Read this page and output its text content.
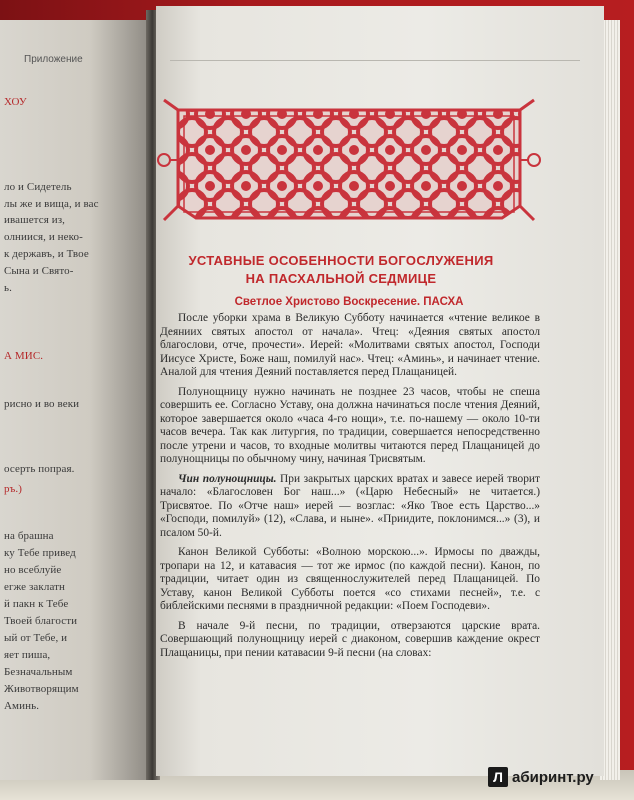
Приложение
ХОУ
ло и Сидетель
лы же и вища, и вас
ивашется из,
олниися, и неко-
к державъ, и Твое
Сына и Свято-
ь.
А МИС.
рисно и во веки
осерть попрая.
ръ.)
на брашна
ку Тебе привед
но всеблуйе
егже заклатн
й пакн к Тебе
Твоей благости
ый от Тебе, и
яет пиша,
Безначальным
Животворящим
Аминь.
УСТАВНЫЕ ОСОБЕННОСТИ БОГОСЛУЖЕНИЯ
НА ПАСХАЛЬНОЙ СЕДМИЦЕ
Светлое Христово Воскресение. ПАСХА

После уборки храма в Великую Субботу начинается «чтение великое в Деяниих святых апостол от начала». Чтец: «Деяния святых апостол благослови, отче, прочести». Иерей: «Молитвами святых апостол, Господи Иисусе Христе, Боже наш, помилуй нас». Чтец: «Аминь», и начинает чтение. Аналой для чтения Деяний поставляется перед Плащаницей.

Полунощницу нужно начинать не позднее 23 часов, чтобы не спеша совершить ее. Согласно Уставу, она должна начинаться после чтения Деяний, которое завершается около «часа 4-го нощи», т.е. по-нашему — около 10-ти часов вечера. Так как литургия, по традиции, совершается непосредственно после утрени и часов, то входные молитвы читаются перед Плащаницей до полунощницы по обычному чину, начиная Трисвятым.

Чин полунощницы. При закрытых царских вратах и завесе иерей творит начало: «Благословен Бог наш...» («Царю Небесный» не читается.) Трисвятое. По «Отче наш» иерей — возглас: «Яко Твое есть Царство...» «Господи, помилуй» (12), «Слава, и ныне». «Приидите, поклонимся...» (3), и псалом 50-й.

Канон Великой Субботы: «Волною морскою...». Ирмосы по дважды, тропари на 12, и катавасия — тот же ирмос (по каждой песни). Канон, по традиции, читает один из священнослужителей перед Плащаницей. По Уставу, канон Великой Субботы поется «со стихами песней», т.е. с библейскими песнями в праздничной редакции: «Поем Господеви».

В начале 9-й песни, по традиции, отверзаются царские врата. Совершающий полунощницу иерей с диаконом, совершив каждение окрест Плащаницы, при пении катавасии 9-й песни (на словах:

Л абиринт.ру
